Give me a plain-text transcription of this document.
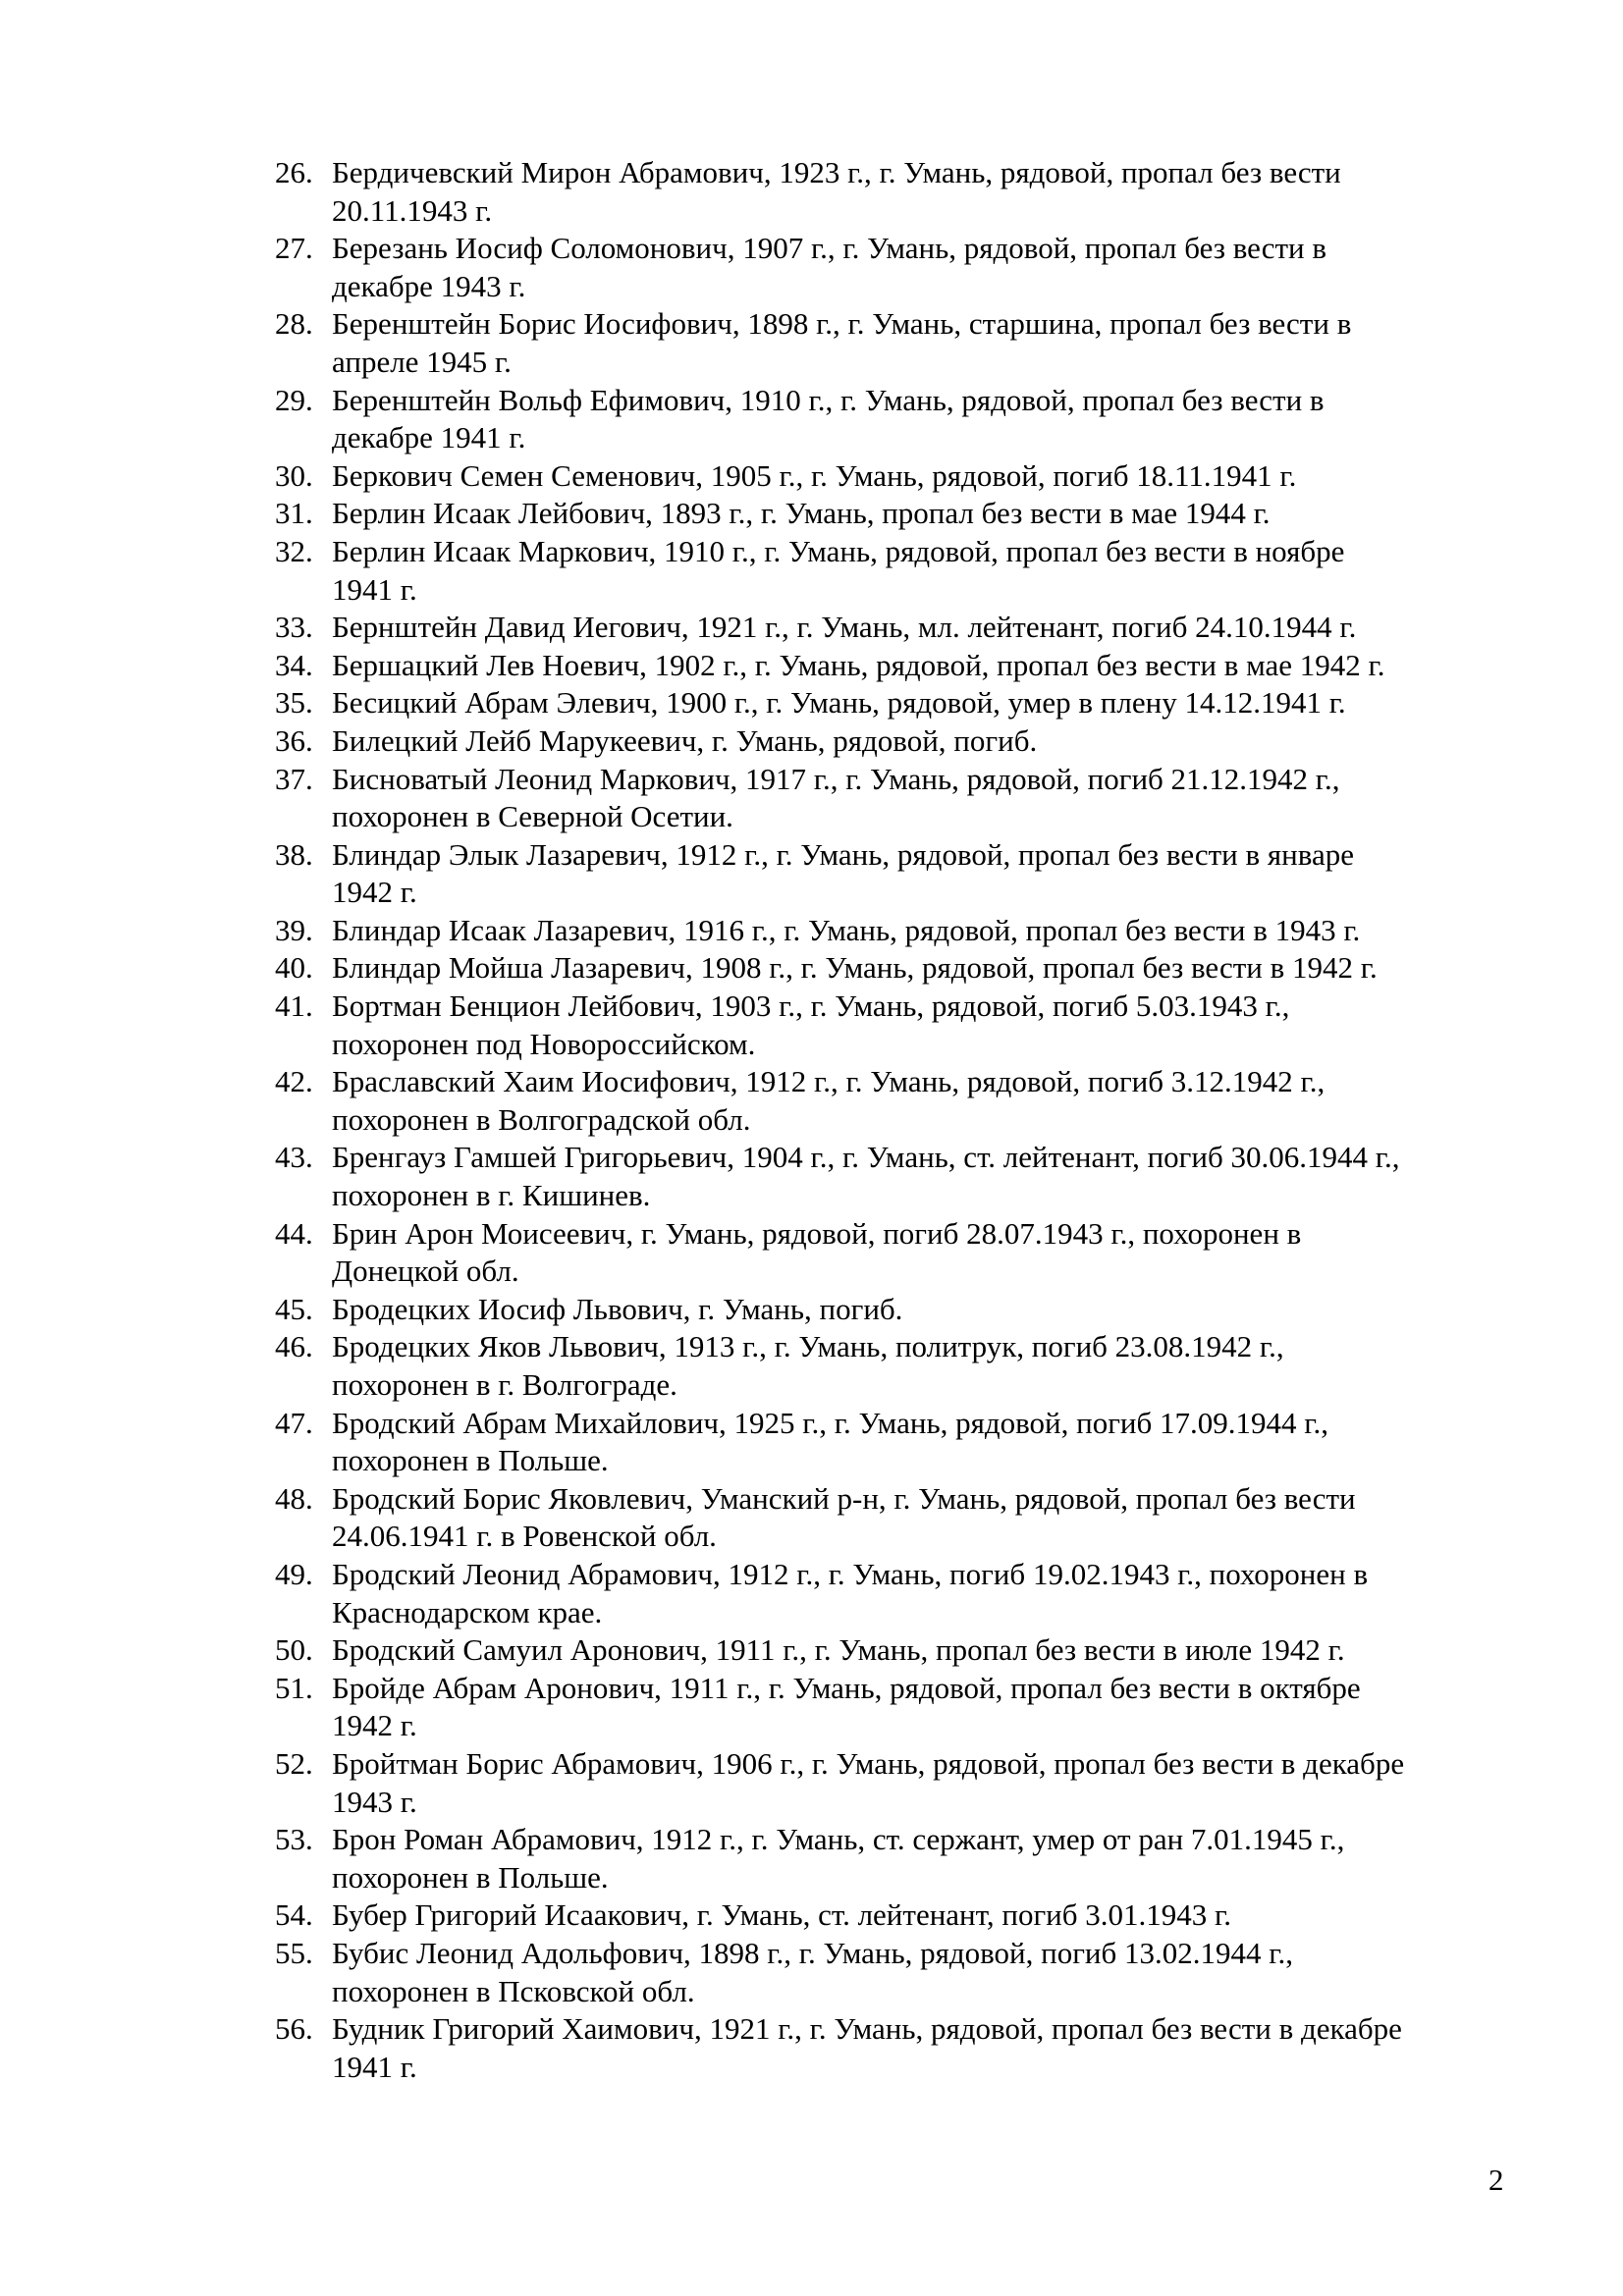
26. Бердичевский Мирон Абрамович, 1923 г., г. Умань, рядовой, пропал без вести
20.11.1943 г.
27. Березань Иосиф Соломонович, 1907 г., г. Умань, рядовой, пропал без вести в
декабре 1943 г.
28. Беренштейн Борис Иосифович, 1898 г., г. Умань, старшина, пропал без вести в
апреле 1945 г.
29. Беренштейн Вольф Ефимович, 1910 г., г. Умань, рядовой, пропал без вести в
декабре 1941 г.
30. Беркович Семен Семенович, 1905 г., г. Умань, рядовой, погиб 18.11.1941 г.
31. Берлин Исаак Лейбович, 1893 г., г. Умань, пропал без вести в мае 1944 г.
32. Берлин Исаак Маркович, 1910 г., г. Умань, рядовой, пропал без вести в ноябре
1941 г.
33. Бернштейн Давид Иегович, 1921 г., г. Умань, мл. лейтенант, погиб 24.10.1944 г.
34. Бершацкий Лев Ноевич, 1902 г., г. Умань, рядовой, пропал без вести в мае 1942 г.
35. Бесицкий Абрам Элевич, 1900 г., г. Умань, рядовой, умер в плену 14.12.1941 г.
36. Билецкий Лейб Марукеевич, г. Умань, рядовой, погиб.
37. Бисноватый Леонид Маркович, 1917 г., г. Умань, рядовой, погиб 21.12.1942 г.,
похоронен в Северной Осетии.
38. Блиндар Элык Лазаревич, 1912 г., г. Умань, рядовой, пропал без вести в январе
1942 г.
39. Блиндар Исаак Лазаревич, 1916 г., г. Умань, рядовой, пропал без вести в 1943 г.
40. Блиндар Мойша Лазаревич, 1908 г., г. Умань, рядовой, пропал без вести в 1942 г.
41. Бортман Бенцион Лейбович, 1903 г., г. Умань, рядовой, погиб 5.03.1943 г.,
похоронен под Новороссийском.
42. Браславский Хаим Иосифович, 1912 г., г. Умань, рядовой, погиб 3.12.1942 г.,
похоронен в Волгоградской обл.
43. Бренгауз Гамшей Григорьевич, 1904 г., г. Умань, ст. лейтенант, погиб 30.06.1944 г.,
похоронен в г. Кишинев.
44. Брин Арон Моисеевич, г. Умань, рядовой, погиб 28.07.1943 г., похоронен в
Донецкой обл.
45. Бродецких Иосиф Львович, г. Умань, погиб.
46. Бродецких Яков Львович, 1913 г., г. Умань, политрук, погиб 23.08.1942 г.,
похоронен в г. Волгограде.
47. Бродский Абрам Михайлович, 1925 г., г. Умань, рядовой, погиб 17.09.1944 г.,
похоронен в Польше.
48. Бродский Борис Яковлевич, Уманский р-н, г. Умань, рядовой, пропал без вести
24.06.1941 г. в Ровенской обл.
49. Бродский Леонид Абрамович, 1912 г., г. Умань, погиб 19.02.1943 г., похоронен в
Краснодарском крае.
50. Бродский Самуил Аронович, 1911 г., г. Умань, пропал без вести в июле 1942 г.
51. Бройде Абрам Аронович, 1911 г., г. Умань, рядовой, пропал без вести в октябре
1942 г.
52. Бройтман Борис Абрамович, 1906 г., г. Умань, рядовой, пропал без вести в декабре
1943 г.
53. Брон Роман Абрамович, 1912 г., г. Умань, ст. сержант, умер от ран 7.01.1945 г.,
похоронен в Польше.
54. Бубер Григорий Исаакович, г. Умань, ст. лейтенант, погиб 3.01.1943 г.
55. Бубис Леонид Адольфович, 1898 г., г. Умань, рядовой, погиб 13.02.1944 г.,
похоронен в Псковской обл.
56. Будник Григорий Хаимович, 1921 г., г. Умань, рядовой, пропал без вести в декабре
1941 г.
2
